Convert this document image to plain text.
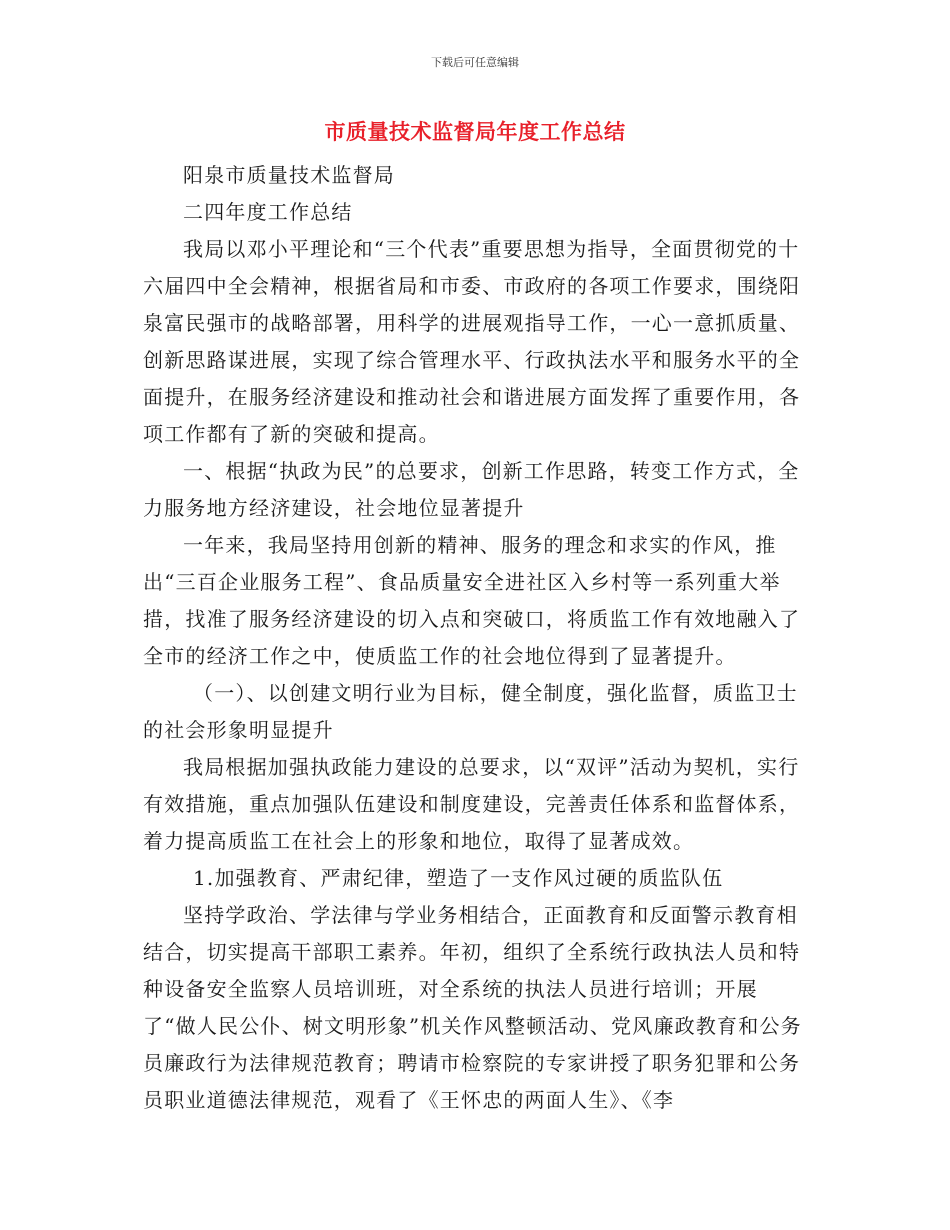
下载后可任意编辑
市质量技术监督局年度工作总结

阳泉市质量技术监督局

二四年度工作总结

我局以邓小平理论和“三个代表”重要思想为指导，全面贯彻党的十六届四中全会精神，根据省局和市委、市政府的各项工作要求，围绕阳泉富民强市的战略部署，用科学的进展观指导工作，一心一意抓质量、创新思路谋进展，实现了综合管理水平、行政执法水平和服务水平的全面提升，在服务经济建设和推动社会和谐进展方面发挥了重要作用，各项工作都有了新的突破和提高。

一、根据“执政为民”的总要求，创新工作思路，转变工作方式，全力服务地方经济建设，社会地位显著提升

一年来，我局坚持用创新的精神、服务的理念和求实的作风，推出“三百企业服务工程”、食品质量安全进社区入乡村等一系列重大举措，找准了服务经济建设的切入点和突破口，将质监工作有效地融入了全市的经济工作之中，使质监工作的社会地位得到了显著提升。

（一）、以创建文明行业为目标，健全制度，强化监督，质监卫士的社会形象明显提升

我局根据加强执政能力建设的总要求，以“双评”活动为契机，实行有效措施，重点加强队伍建设和制度建设，完善责任体系和监督体系，着力提高质监工在社会上的形象和地位，取得了显著成效。

1.加强教育、严肃纪律，塑造了一支作风过硬的质监队伍

坚持学政治、学法律与学业务相结合，正面教育和反面警示教育相结合，切实提高干部职工素养。年初，组织了全系统行政执法人员和特种设备安全监察人员培训班，对全系统的执法人员进行培训；开展了“做人民公仆、树文明形象”机关作风整顿活动、党风廉政教育和公务员廉政行为法律规范教育；聘请市检察院的专家讲授了职务犯罪和公务员职业道德法律规范，观看了《王怀忠的两面人生》、《李
